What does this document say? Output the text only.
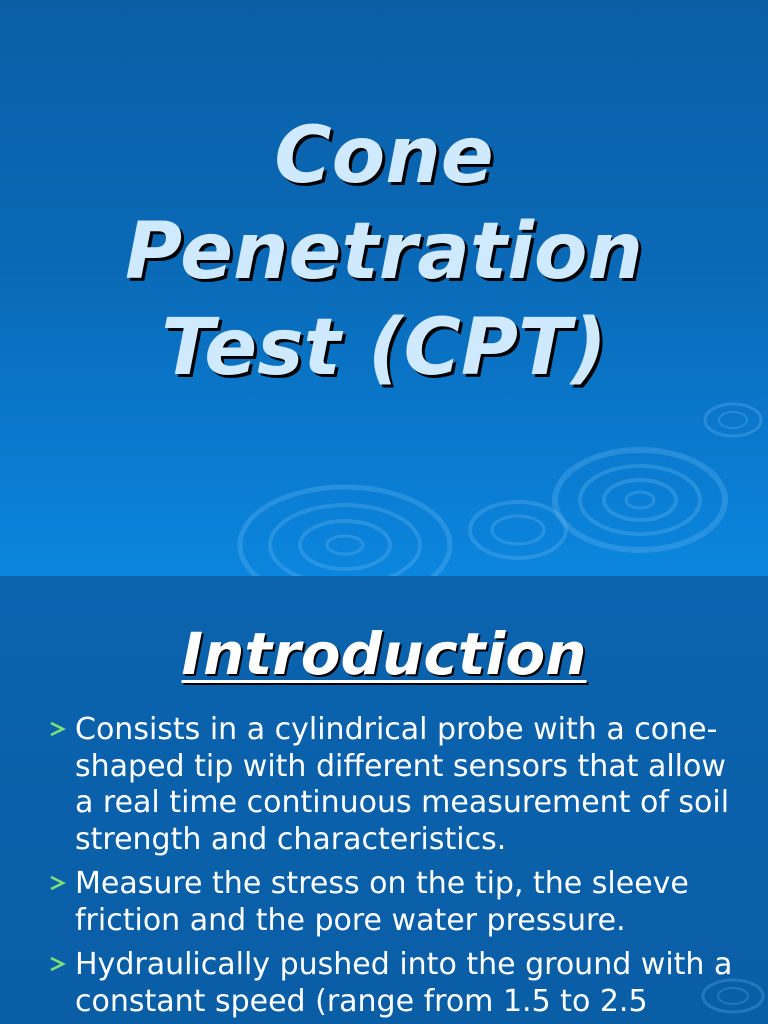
Cone
Penetration
Test (CPT)
Introduction
Consists in a cylindrical probe with a cone-shaped tip with different sensors that allow a real time continuous measurement of soil strength and characteristics.
Measure the stress on the tip, the sleeve friction and the pore water pressure.
Hydraulically pushed into the ground with a constant speed (range from 1.5 to 2.5
